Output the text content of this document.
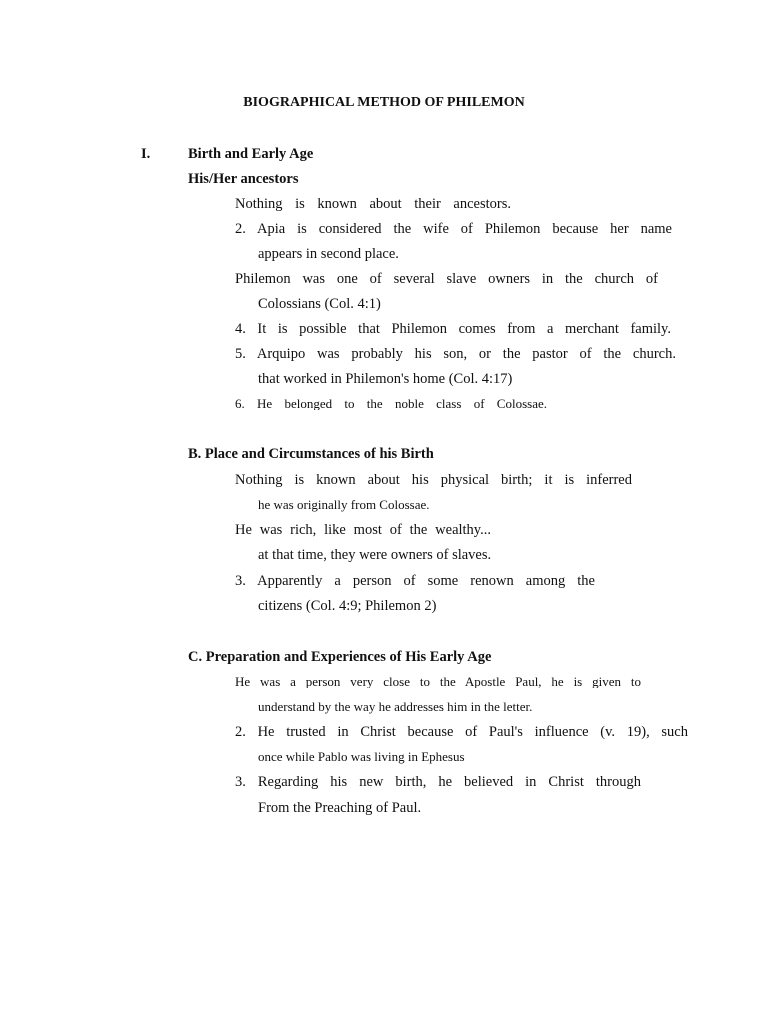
BIOGRAPHICAL METHOD OF PHILEMON
I.	Birth and Early Age
His/Her ancestors
Nothing is known about their ancestors.
2. Apia is considered the wife of Philemon because her name
appears in second place.
Philemon was one of several slave owners in the church of
Colossians (Col. 4:1)
4. It is possible that Philemon comes from a merchant family.
5. Arquipo was probably his son, or the pastor of the church.
that worked in Philemon's home (Col. 4:17)
6. He belonged to the noble class of Colossae.
B. Place and Circumstances of his Birth
Nothing is known about his physical birth; it is inferred
he was originally from Colossae.
He was rich, like most of the wealthy...
at that time, they were owners of slaves.
3. Apparently a person of some renown among the
citizens (Col. 4:9; Philemon 2)
C. Preparation and Experiences of His Early Age
He was a person very close to the Apostle Paul, he is given to
understand by the way he addresses him in the letter.
2. He trusted in Christ because of Paul's influence (v. 19), such
once while Pablo was living in Ephesus
3. Regarding his new birth, he believed in Christ through
From the Preaching of Paul.
